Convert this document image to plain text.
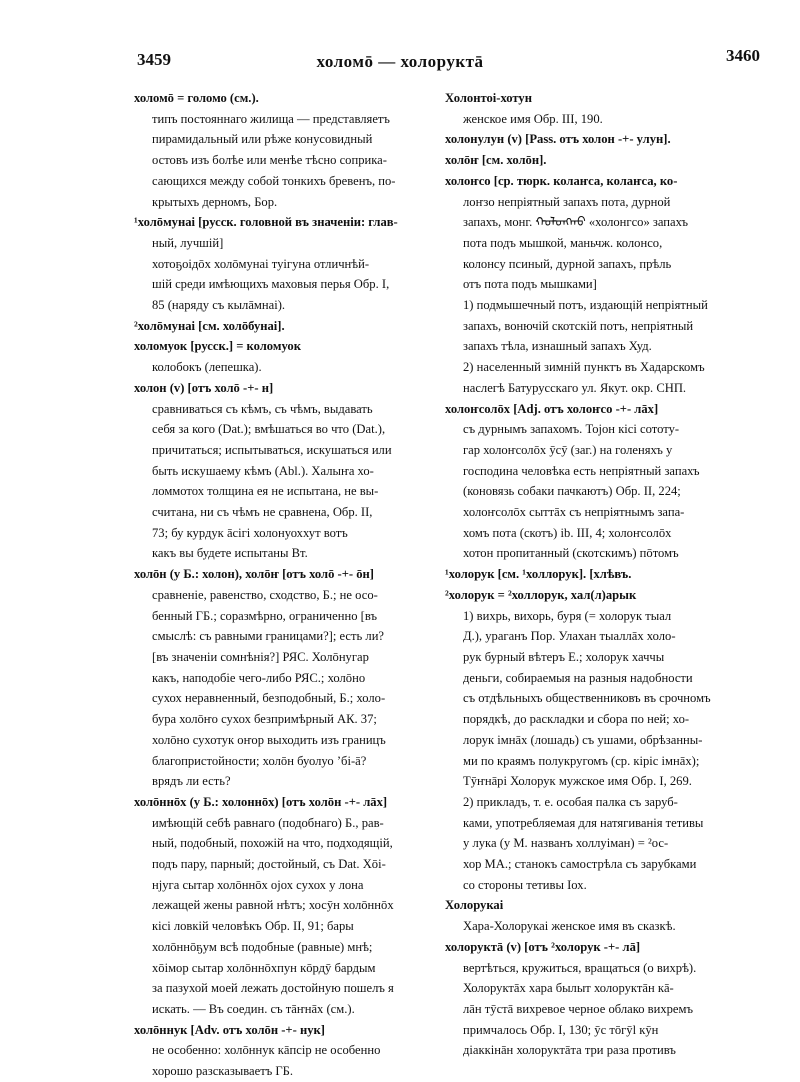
3459	холомō — холоруктā	3460
холомō = голомо (см.).
типъ постояннаго жилища — представляетъ
пирамидальный или рѣже конусовидный
остовъ изъ болѣе или менѣе тѣсно соприка-
сающихся между собой тонкихъ бревенъ, по-
крытыхъ дерномъ, Бор.
¹холōмунаі [русск. головной въ значеніи: глав-
ный, лучшій]
хотоҕоідōх холōмунаі туігуна отличнѣй-
шій среди имѣющихъ маховыя перья Обр. I,
85 (наряду съ кылāмнаі).
²холōмунаі [см. холōбунаі].
холомуок [русск.] = коломуок
колобокъ (лепешка).
холон (v) [отъ холō -+- н]
сравниваться съ кѣмъ, съ чѣмъ, выдавать
себя за кого (Dat.); вмѣшаться во что (Dat.),
причитаться; испытываться, искушаться или
быть искушаему кѣмъ (Abl.). Халыҥа хо-
ломмотох толщина ея не испытана, не вы-
считана, ни съ чѣмъ не сравнена, Обр. II,
73; бу курдук āсігі холонуоххут вотъ
какъ вы будете испытаны Вт.
холōн (у Б.: холон), холōҥ [отъ холō -+- ōн]
сравненіе, равенство, сходство, Б.; не осо-
бенный ГБ.; соразмѣрно, ограниченно [въ
смыслѣ: съ равными границами?]; есть ли?
[въ значеніи сомнѣнія?] РЯС. Холōнугар
какъ, наподобіе чего-либо РЯС.; холōно
сухох неравненный, безподобный, Б.; холо-
бура холōҥо сухох безпримѣрный АК. 37;
холōно сухотук оҥор выходить изъ границъ
благопристойности; холōн буолуо ’бі-ā?
врядъ ли есть?
холōннōх (у Б.: холоннōх) [отъ холōн -+- лāх]
имѣющій себѣ равнаго (подобнаго) Б., рав-
ный, подобный, похожій на что, подходящій,
подъ пару, парный; достойный, съ Dat. Хōі-
нјуга сытар холōннōх оjох сухох у лона
лежащей жены равной нѣтъ; хосӯн холōннōх
кісі ловкій человѣкъ Обр. II, 91; бары
холōннōҕум всѣ подобные (равные) мнѣ;
хōімор сытар холōннōхпун кōрдӯ бардым
за пазухой моей лежать достойную пошелъ я
искать. — Въ соедин. съ тāҥнāх (см.).
холōннук [Adv. отъ холōн -+- нук]
не особенно: холōннук кāпсір не особенно
хорошо разсказываетъ ГБ.
Холонтоі-хотун
женское имя Обр. III, 190.
холонулун (v) [Pass. отъ холон -+- улун].
холōҥ [см. холōн].
холоҥсо [ср. тюрк. колаҥса, колаҥса, ко-
лоҥзо непріятный запахъ пота, дурной
запахъ, монг. ᠬᠣᠯᠤᠩᠬᠣ «холонгсо» запахъ
пота подъ мышкой, маньчж. колонсо,
колонсу псиный, дурной запахъ, прѣль
отъ пота подъ мышками]
1) подмышечный потъ, издающій непріятный
запахъ, вонючій скотскій потъ, непріятный
запахъ тѣла, изнашный запахъ Худ.
2) населенный зимній пунктъ въ Хадарскомъ
наслегѣ Батурусскаго ул. Якут. окр. СНП.
холоҥсолōх [Adj. отъ холоҥсо -+- лāх]
съ дурнымъ запахомъ. Тоjон кісі сототу-
гар холоҥсолōх ӯсӯ (заг.) на голеняхъ у
господина человѣка есть непріятный запахъ
(коновязь собаки пачкаютъ) Обр. II, 224;
холоҥсолōх сыттāх съ непріятнымъ запа-
хомъ пота (скотъ) ib. III, 4; холоҥсолōх
хотон пропитанный (скотскимъ) пōтомъ
¹холорук [см. ¹холлорук]. [хлѣвъ.
²холорук = ²холлорук, хал(л)арык
1) вихрь, вихорь, буря (= холорук тыал
Д.), ураганъ Пор. Улахан тыаллāх холо-
рук бурный вѣтеръ Е.; холорук хаччы
деньги, собираемыя на разныя надобности
съ отдѣльныхъ общественниковъ въ срочномъ
порядкѣ, до раскладки и сбора по ней; хо-
лорук імнāх (лошадь) съ ушами, обрѣзанны-
ми по краямъ полукругомъ (ср. кіріс імнāх);
Тӯҥнāрі Холорук мужское имя Обр. I, 269.
2) прикладъ, т. е. особая палка съ заруб-
ками, употребляемая для натягиванія тетивы
у лука (у М. названъ холлуіман) = ²ос-
хор МА.; станокъ самострѣла съ зарубками
со стороны тетивы Іох.
Холорукаі
Хара-Холорукаі женское имя въ сказкѣ.
холоруктā (v) [отъ ²холорук -+- лā]
вертѣться, кружиться, вращаться (о вихрѣ).
Холоруктāх хара былыт холоруктāн кā-
лāн тӯстā вихревое черное облако вихремъ
примчалось Обр. I, 130; ӯс тōгӯl кӯн
діаккінāн холоруктāта три раза противъ
